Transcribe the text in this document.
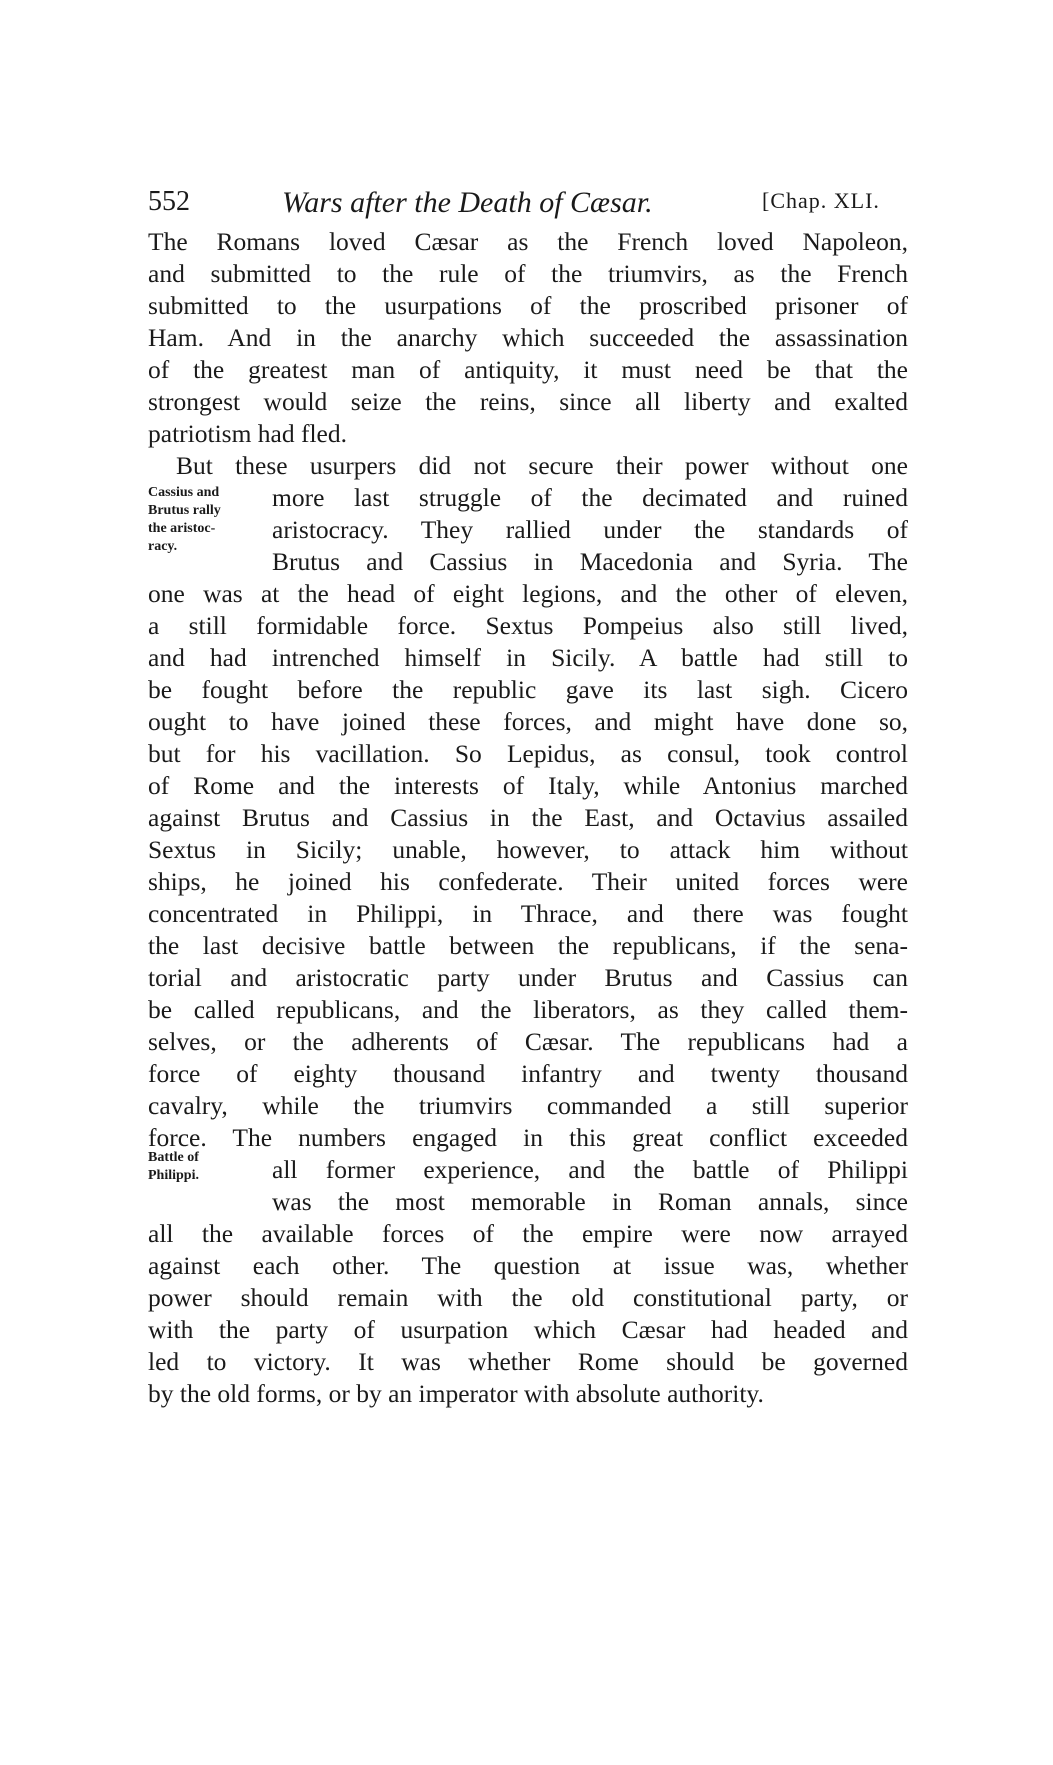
552	Wars after the Death of Cæsar.	[Chap. XLI.
Cassius and
Brutus rally
the aristoc-
racy.
Battle of
Philippi.
The Romans loved Cæsar as the French loved Napoleon,
and submitted to the rule of the triumvirs, as the French
submitted to the usurpations of the proscribed prisoner of
Ham. And in the anarchy which succeeded the assassination
of the greatest man of antiquity, it must need be that the
strongest would seize the reins, since all liberty and exalted
patriotism had fled.
But these usurpers did not secure their power without one
more last struggle of the decimated and ruined
aristocracy. They rallied under the standards of
Brutus and Cassius in Macedonia and Syria. The
one was at the head of eight legions, and the other of eleven,
a still formidable force. Sextus Pompeius also still lived,
and had intrenched himself in Sicily. A battle had still to
be fought before the republic gave its last sigh. Cicero
ought to have joined these forces, and might have done so,
but for his vacillation. So Lepidus, as consul, took control
of Rome and the interests of Italy, while Antonius marched
against Brutus and Cassius in the East, and Octavius assailed
Sextus in Sicily; unable, however, to attack him without
ships, he joined his confederate. Their united forces were
concentrated in Philippi, in Thrace, and there was fought
the last decisive battle between the republicans, if the sena-
torial and aristocratic party under Brutus and Cassius can
be called republicans, and the liberators, as they called them-
selves, or the adherents of Cæsar. The republicans had a
force of eighty thousand infantry and twenty thousand
cavalry, while the triumvirs commanded a still superior
force. The numbers engaged in this great conflict exceeded
all former experience, and the battle of Philippi
was the most memorable in Roman annals, since
all the available forces of the empire were now arrayed
against each other. The question at issue was, whether
power should remain with the old constitutional party, or
with the party of usurpation which Cæsar had headed and
led to victory. It was whether Rome should be governed
by the old forms, or by an imperator with absolute authority.
